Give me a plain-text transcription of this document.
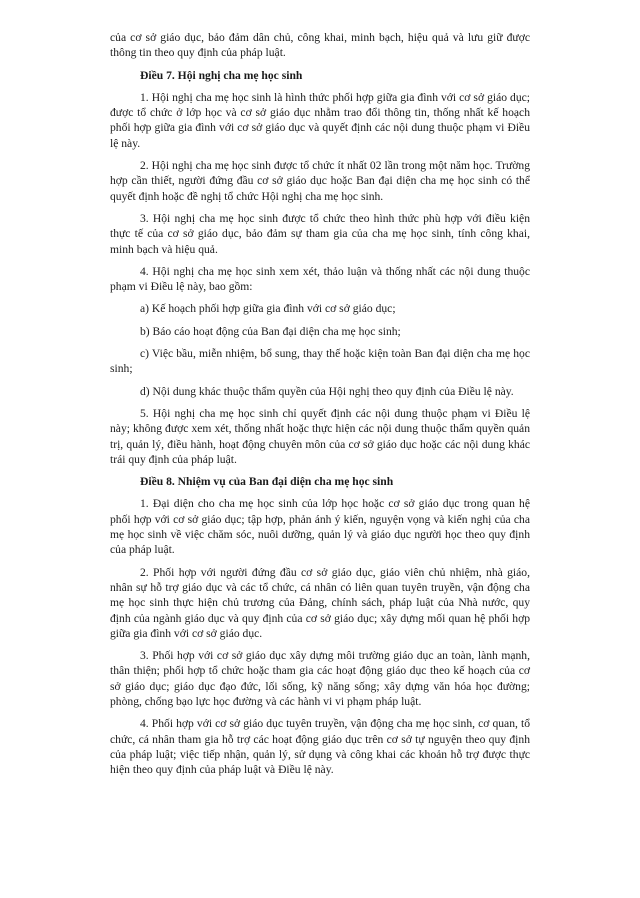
của cơ sở giáo dục, bảo đảm dân chủ, công khai, minh bạch, hiệu quả và lưu giữ được thông tin theo quy định của pháp luật.

Điều 7. Hội nghị cha mẹ học sinh

1. Hội nghị cha mẹ học sinh là hình thức phối hợp giữa gia đình với cơ sở giáo dục; được tổ chức ở lớp học và cơ sở giáo dục nhằm trao đổi thông tin, thống nhất kế hoạch phối hợp giữa gia đình với cơ sở giáo dục và quyết định các nội dung thuộc phạm vi Điều lệ này.

2. Hội nghị cha mẹ học sinh được tổ chức ít nhất 02 lần trong một năm học. Trường hợp cần thiết, người đứng đầu cơ sở giáo dục hoặc Ban đại diện cha mẹ học sinh có thể quyết định hoặc đề nghị tổ chức Hội nghị cha mẹ học sinh.

3. Hội nghị cha mẹ học sinh được tổ chức theo hình thức phù hợp với điều kiện thực tế của cơ sở giáo dục, bảo đảm sự tham gia của cha mẹ học sinh, tính công khai, minh bạch và hiệu quả.

4. Hội nghị cha mẹ học sinh xem xét, thảo luận và thống nhất các nội dung thuộc phạm vi Điều lệ này, bao gồm:

a) Kế hoạch phối hợp giữa gia đình với cơ sở giáo dục;

b) Báo cáo hoạt động của Ban đại diện cha mẹ học sinh;

c) Việc bầu, miễn nhiệm, bổ sung, thay thế hoặc kiện toàn Ban đại diện cha mẹ học sinh;

d) Nội dung khác thuộc thẩm quyền của Hội nghị theo quy định của Điều lệ này.

5. Hội nghị cha mẹ học sinh chỉ quyết định các nội dung thuộc phạm vi Điều lệ này; không được xem xét, thống nhất hoặc thực hiện các nội dung thuộc thẩm quyền quản trị, quản lý, điều hành, hoạt động chuyên môn của cơ sở giáo dục hoặc các nội dung khác trái quy định của pháp luật.

Điều 8. Nhiệm vụ của Ban đại diện cha mẹ học sinh

1. Đại diện cho cha mẹ học sinh của lớp học hoặc cơ sở giáo dục trong quan hệ phối hợp với cơ sở giáo dục; tập hợp, phản ánh ý kiến, nguyện vọng và kiến nghị của cha mẹ học sinh về việc chăm sóc, nuôi dưỡng, quản lý và giáo dục người học theo quy định của pháp luật.

2. Phối hợp với người đứng đầu cơ sở giáo dục, giáo viên chủ nhiệm, nhà giáo, nhân sự hỗ trợ giáo dục và các tổ chức, cá nhân có liên quan tuyên truyền, vận động cha mẹ học sinh thực hiện chủ trương của Đảng, chính sách, pháp luật của Nhà nước, quy định của ngành giáo dục và quy định của cơ sở giáo dục; xây dựng mối quan hệ phối hợp giữa gia đình với cơ sở giáo dục.

3. Phối hợp với cơ sở giáo dục xây dựng môi trường giáo dục an toàn, lành mạnh, thân thiện; phối hợp tổ chức hoặc tham gia các hoạt động giáo dục theo kế hoạch của cơ sở giáo dục; giáo dục đạo đức, lối sống, kỹ năng sống; xây dựng văn hóa học đường; phòng, chống bạo lực học đường và các hành vi vi phạm pháp luật.

4. Phối hợp với cơ sở giáo dục tuyên truyền, vận động cha mẹ học sinh, cơ quan, tổ chức, cá nhân tham gia hỗ trợ các hoạt động giáo dục trên cơ sở tự nguyện theo quy định của pháp luật; việc tiếp nhận, quản lý, sử dụng và công khai các khoản hỗ trợ được thực hiện theo quy định của pháp luật và Điều lệ này.
